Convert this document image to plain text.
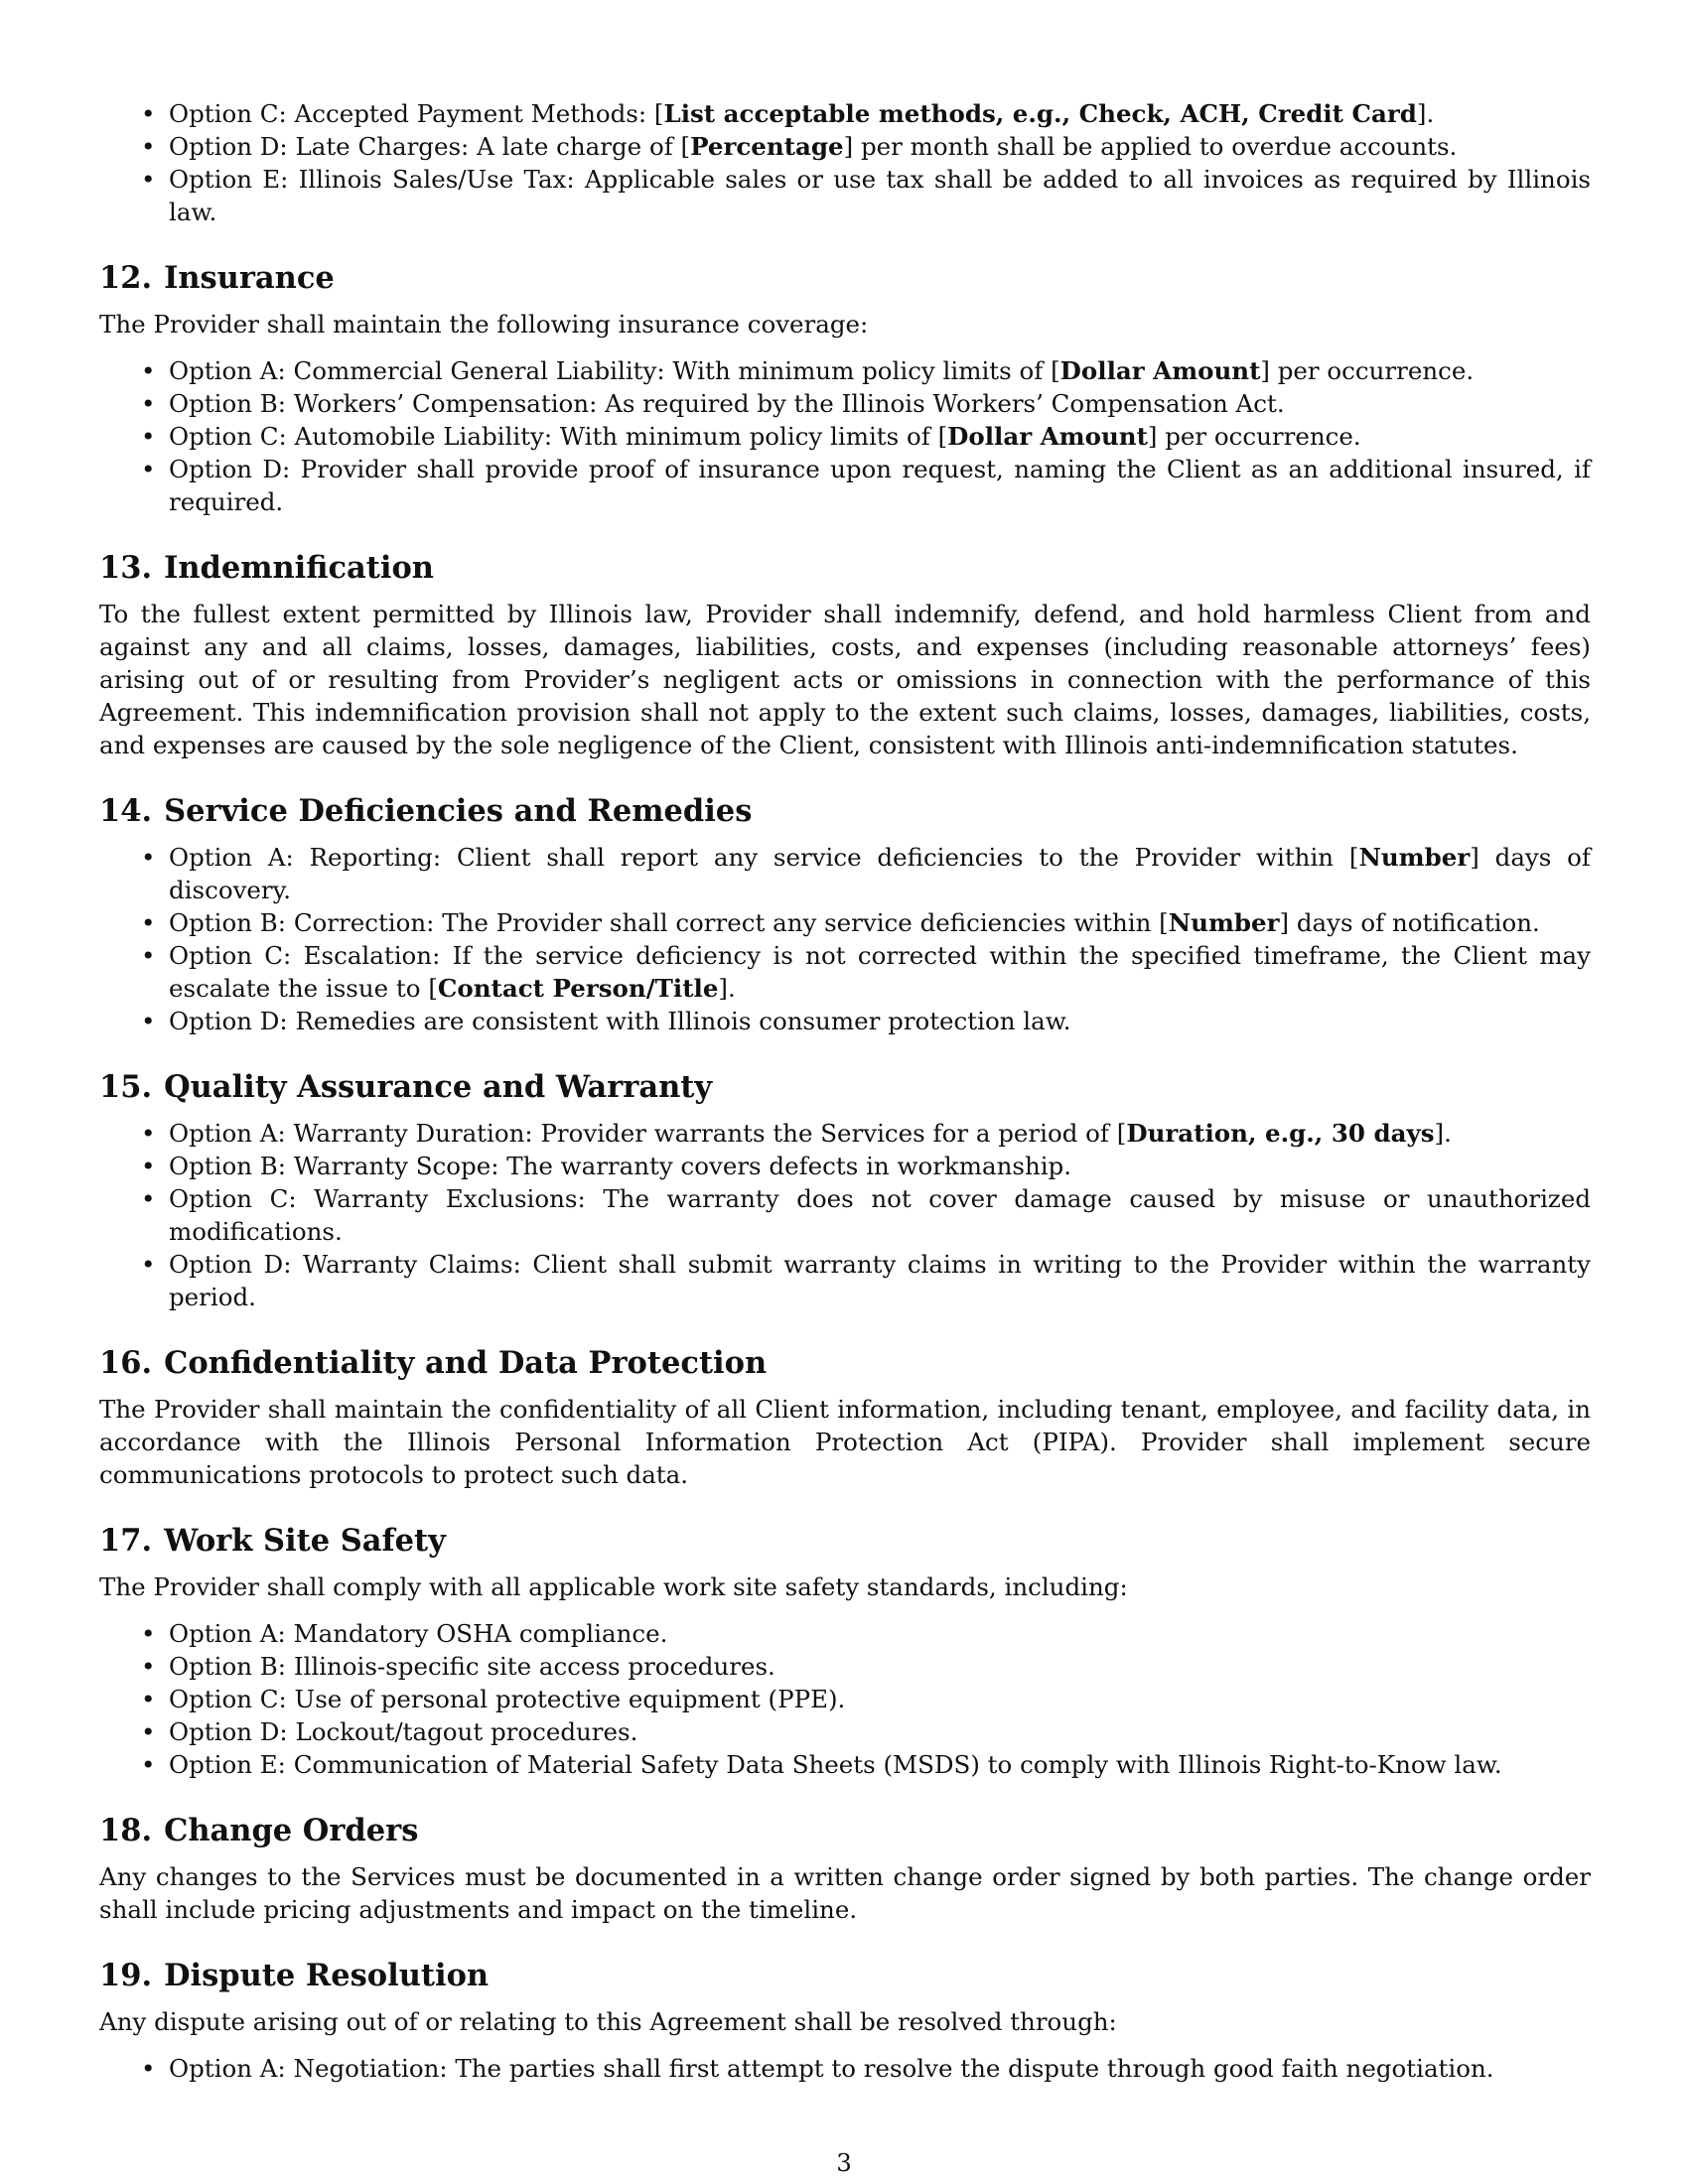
• Option C: Accepted Payment Methods: [List acceptable methods, e.g., Check, ACH, Credit Card].
• Option D: Late Charges: A late charge of [Percentage] per month shall be applied to overdue accounts.
• Option E: Illinois Sales/Use Tax: Applicable sales or use tax shall be added to all invoices as required by Illinois law.
12. Insurance

The Provider shall maintain the following insurance coverage:

• Option A: Commercial General Liability: With minimum policy limits of [Dollar Amount] per occurrence.
• Option B: Workers’ Compensation: As required by the Illinois Workers’ Compensation Act.
• Option C: Automobile Liability: With minimum policy limits of [Dollar Amount] per occurrence.
• Option D: Provider shall provide proof of insurance upon request, naming the Client as an additional insured, if required.
13. Indemnification

To the fullest extent permitted by Illinois law, Provider shall indemnify, defend, and hold harmless Client from and against any and all claims, losses, damages, liabilities, costs, and expenses (including reasonable attorneys’ fees) arising out of or resulting from Provider’s negligent acts or omissions in connection with the performance of this Agreement. This indemnification provision shall not apply to the extent such claims, losses, damages, liabilities, costs, and expenses are caused by the sole negligence of the Client, consistent with Illinois anti-indemnification statutes.

14. Service Deficiencies and Remedies
• Option A: Reporting: Client shall report any service deficiencies to the Provider within [Number] days of discovery.
• Option B: Correction: The Provider shall correct any service deficiencies within [Number] days of notification.
• Option C: Escalation: If the service deficiency is not corrected within the specified timeframe, the Client may escalate the issue to [Contact Person/Title].
• Option D: Remedies are consistent with Illinois consumer protection law.
15. Quality Assurance and Warranty
• Option A: Warranty Duration: Provider warrants the Services for a period of [Duration, e.g., 30 days].
• Option B: Warranty Scope: The warranty covers defects in workmanship.
• Option C: Warranty Exclusions: The warranty does not cover damage caused by misuse or unauthorized modifications.
• Option D: Warranty Claims: Client shall submit warranty claims in writing to the Provider within the warranty period.
16. Confidentiality and Data Protection

The Provider shall maintain the confidentiality of all Client information, including tenant, employee, and facility data, in accordance with the Illinois Personal Information Protection Act (PIPA). Provider shall implement secure communications protocols to protect such data.

17. Work Site Safety

The Provider shall comply with all applicable work site safety standards, including:

• Option A: Mandatory OSHA compliance.
• Option B: Illinois-specific site access procedures.
• Option C: Use of personal protective equipment (PPE).
• Option D: Lockout/tagout procedures.
• Option E: Communication of Material Safety Data Sheets (MSDS) to comply with Illinois Right-to-Know law.
18. Change Orders

Any changes to the Services must be documented in a written change order signed by both parties. The change order shall include pricing adjustments and impact on the timeline.

19. Dispute Resolution

Any dispute arising out of or relating to this Agreement shall be resolved through:

• Option A: Negotiation: The parties shall first attempt to resolve the dispute through good faith negotiation.
3
